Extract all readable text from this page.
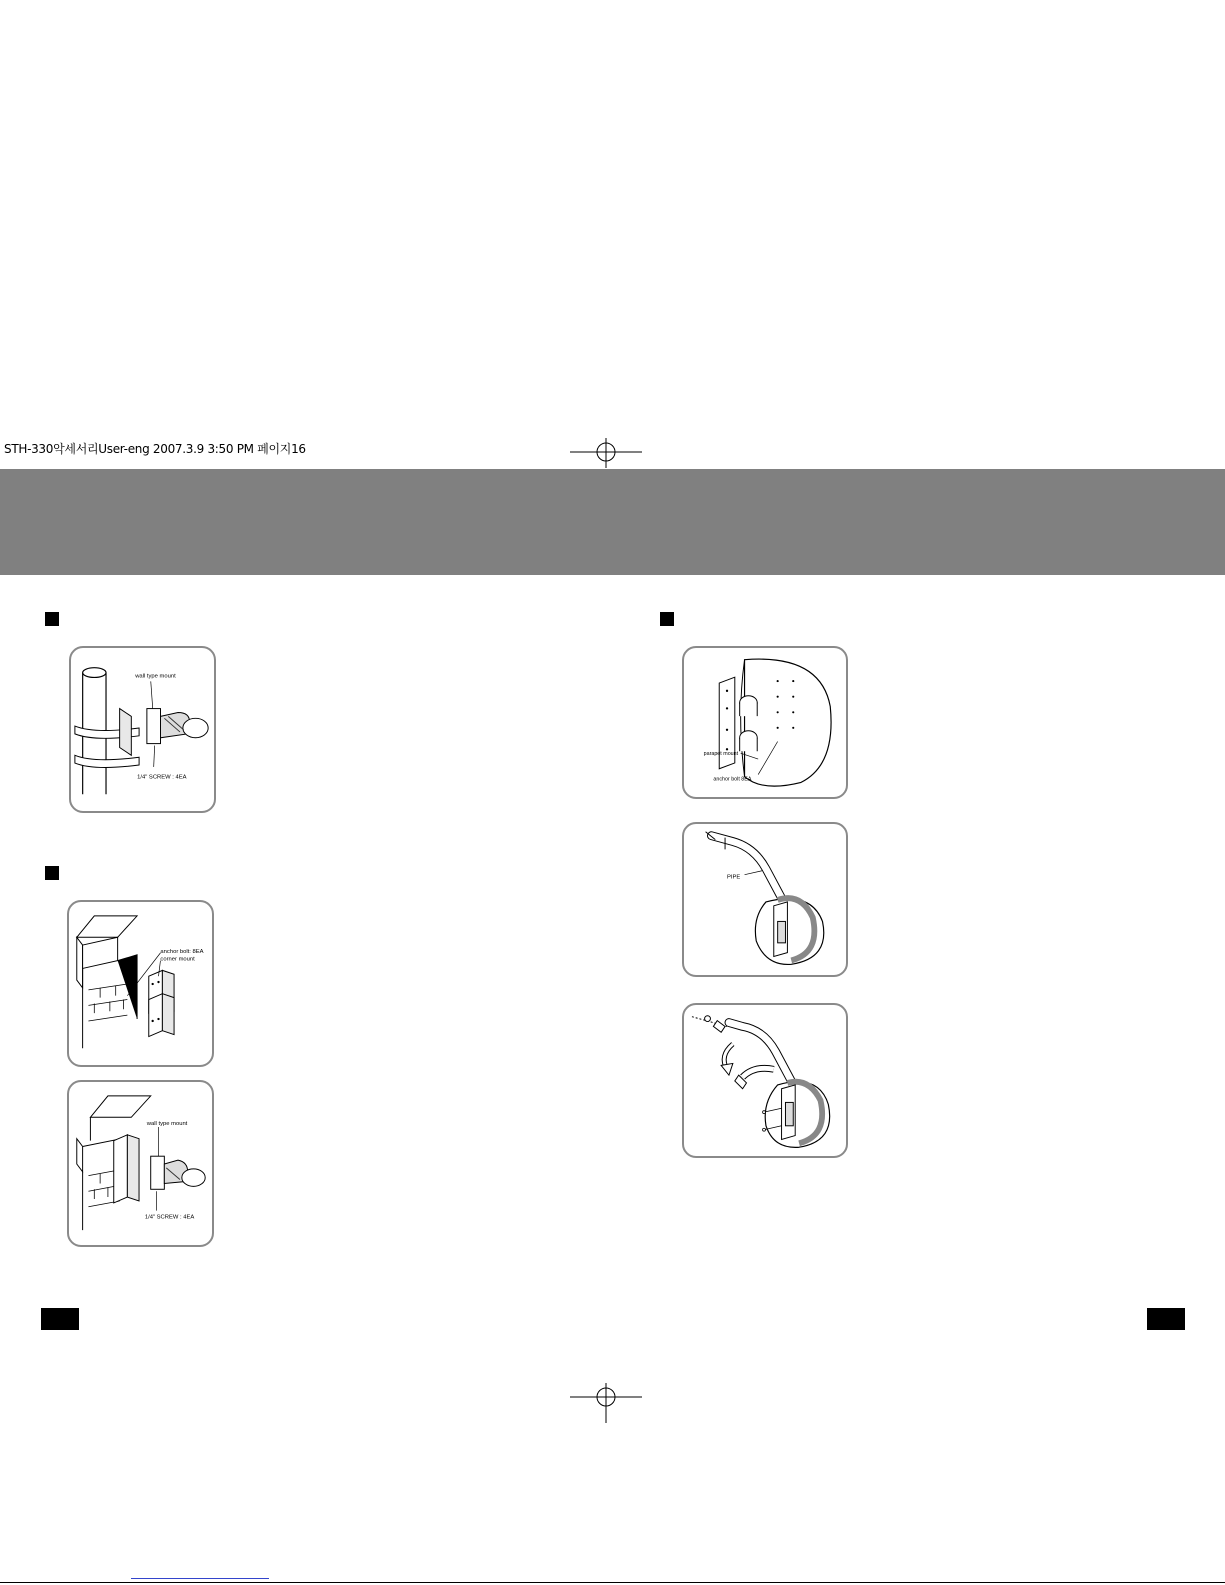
STH-330악세서리User-eng 2007.3.9 3:50 PM 페이지16
wall type mount
1/4" SCREW : 4EA
anchor bolt: 8EA
corner mount
wall type mount
1/4" SCREW : 4EA
parapet mount
anchor bolt 8EA
PIPE
